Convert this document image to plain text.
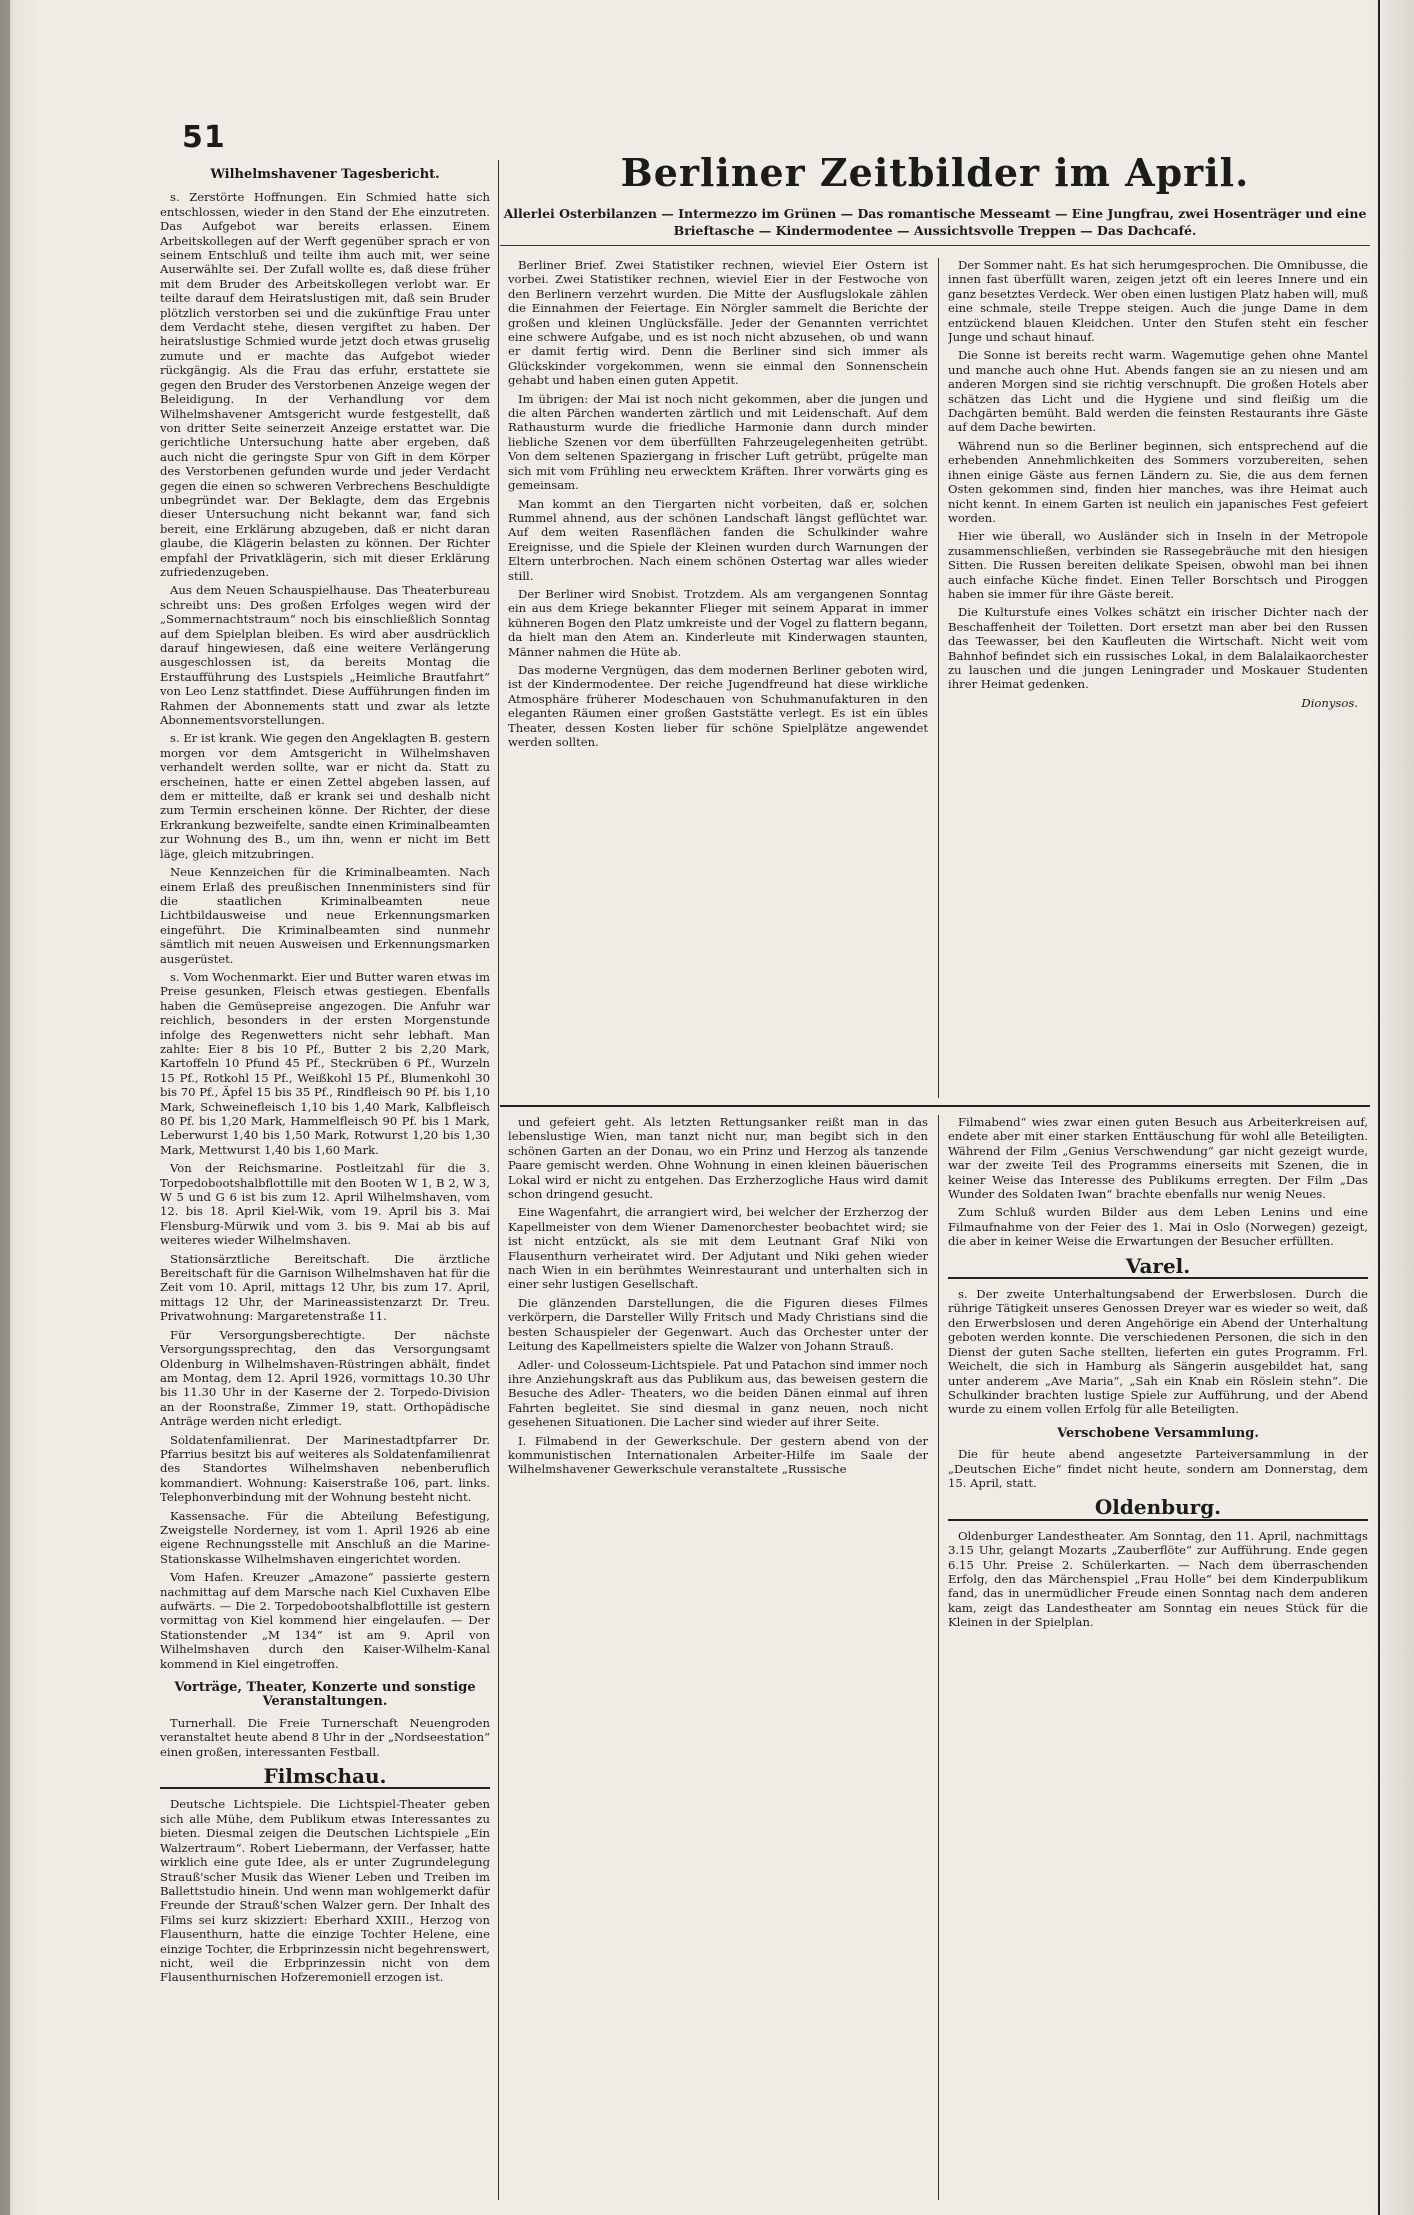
51
Wilhelmshavener Tagesbericht.

s. Zerstörte Hoffnungen. Ein Schmied hatte sich entschlossen, wieder in den Stand der Ehe einzutreten. Das Aufgebot war bereits erlassen. Einem Arbeitskollegen auf der Werft gegenüber sprach er von seinem Entschluß und teilte ihm auch mit, wer seine Auserwählte sei. Der Zufall wollte es, daß diese früher mit dem Bruder des Arbeitskollegen verlobt war. Er teilte darauf dem Heiratslustigen mit, daß sein Bruder plötzlich verstorben sei und die zukünftige Frau unter dem Verdacht stehe, diesen vergiftet zu haben. Der heiratslustige Schmied wurde jetzt doch etwas gruselig zumute und er machte das Aufgebot wieder rückgängig. Als die Frau das erfuhr, erstattete sie gegen den Bruder des Verstorbenen Anzeige wegen der Beleidigung. In der Verhandlung vor dem Wilhelmshavener Amtsgericht wurde festgestellt, daß von dritter Seite seinerzeit Anzeige erstattet war. Die gerichtliche Untersuchung hatte aber ergeben, daß auch nicht die geringste Spur von Gift in dem Körper des Verstorbenen gefunden wurde und jeder Verdacht gegen die einen so schweren Verbrechens Beschuldigte unbegründet war. Der Beklagte, dem das Ergebnis dieser Untersuchung nicht bekannt war, fand sich bereit, eine Erklärung abzugeben, daß er nicht daran glaube, die Klägerin belasten zu können. Der Richter empfahl der Privatklägerin, sich mit dieser Erklärung zufriedenzugeben.

Aus dem Neuen Schauspielhause. Das Theaterbureau schreibt uns: Des großen Erfolges wegen wird der „Sommernachtstraum“ noch bis einschließlich Sonntag auf dem Spielplan bleiben. Es wird aber ausdrücklich darauf hingewiesen, daß eine weitere Verlängerung ausgeschlossen ist, da bereits Montag die Erstaufführung des Lustspiels „Heimliche Brautfahrt“ von Leo Lenz stattfindet. Diese Aufführungen finden im Rahmen der Abonnements statt und zwar als letzte Abonnementsvorstellungen.

s. Er ist krank. Wie gegen den Angeklagten B. gestern morgen vor dem Amtsgericht in Wilhelmshaven verhandelt werden sollte, war er nicht da. Statt zu erscheinen, hatte er einen Zettel abgeben lassen, auf dem er mitteilte, daß er krank sei und deshalb nicht zum Termin erscheinen könne. Der Richter, der diese Erkrankung bezweifelte, sandte einen Kriminalbeamten zur Wohnung des B., um ihn, wenn er nicht im Bett läge, gleich mitzubringen.

Neue Kennzeichen für die Kriminalbeamten. Nach einem Erlaß des preußischen Innenministers sind für die staatlichen Kriminalbeamten neue Lichtbildausweise und neue Erkennungsmarken eingeführt. Die Kriminalbeamten sind nunmehr sämtlich mit neuen Ausweisen und Erkennungsmarken ausgerüstet.

s. Vom Wochenmarkt. Eier und Butter waren etwas im Preise gesunken, Fleisch etwas gestiegen. Ebenfalls haben die Gemüsepreise angezogen. Die Anfuhr war reichlich, besonders in der ersten Morgenstunde infolge des Regenwetters nicht sehr lebhaft. Man zahlte: Eier 8 bis 10 Pf., Butter 2 bis 2,20 Mark, Kartoffeln 10 Pfund 45 Pf., Steckrüben 6 Pf., Wurzeln 15 Pf., Rotkohl 15 Pf., Weißkohl 15 Pf., Blumenkohl 30 bis 70 Pf., Äpfel 15 bis 35 Pf., Rindfleisch 90 Pf. bis 1,10 Mark, Schweinefleisch 1,10 bis 1,40 Mark, Kalbfleisch 80 Pf. bis 1,20 Mark, Hammelfleisch 90 Pf. bis 1 Mark, Leberwurst 1,40 bis 1,50 Mark, Rotwurst 1,20 bis 1,30 Mark, Mettwurst 1,40 bis 1,60 Mark.

Von der Reichsmarine. Postleitzahl für die 3. Torpedobootshalbflottille mit den Booten W 1, B 2, W 3, W 5 und G 6 ist bis zum 12. April Wilhelmshaven, vom 12. bis 18. April Kiel-Wik, vom 19. April bis 3. Mai Flensburg-Mürwik und vom 3. bis 9. Mai ab bis auf weiteres wieder Wilhelmshaven.

Stationsärztliche Bereitschaft. Die ärztliche Bereitschaft für die Garnison Wilhelmshaven hat für die Zeit vom 10. April, mittags 12 Uhr, bis zum 17. April, mittags 12 Uhr, der Marineassistenzarzt Dr. Treu. Privatwohnung: Margaretenstraße 11.

Für Versorgungsberechtigte. Der nächste Versorgungssprechtag, den das Versorgungsamt Oldenburg in Wilhelmshaven-Rüstringen abhält, findet am Montag, dem 12. April 1926, vormittags 10.30 Uhr bis 11.30 Uhr in der Kaserne der 2. Torpedo-Division an der Roonstraße, Zimmer 19, statt. Orthopädische Anträge werden nicht erledigt.

Soldatenfamilienrat. Der Marinestadtpfarrer Dr. Pfarrius besitzt bis auf weiteres als Soldatenfamilienrat des Standortes Wilhelmshaven nebenberuflich kommandiert. Wohnung: Kaiserstraße 106, part. links. Telephonverbindung mit der Wohnung besteht nicht.

Kassensache. Für die Abteilung Befestigung, Zweigstelle Norderney, ist vom 1. April 1926 ab eine eigene Rechnungsstelle mit Anschluß an die Marine-Stationskasse Wilhelmshaven eingerichtet worden.

Vom Hafen. Kreuzer „Amazone“ passierte gestern nachmittag auf dem Marsche nach Kiel Cuxhaven Elbe aufwärts. — Die 2. Torpedobootshalbflottille ist gestern vormittag von Kiel kommend hier eingelaufen. — Der Stationstender „M 134“ ist am 9. April von Wilhelmshaven durch den Kaiser-Wilhelm-Kanal kommend in Kiel eingetroffen.

Vorträge, Theater, Konzerte und sonstige Veranstaltungen.

Turnerhall. Die Freie Turnerschaft Neuengroden veranstaltet heute abend 8 Uhr in der „Nordseestation“ einen großen, interessanten Festball.

Filmschau.

Deutsche Lichtspiele. Die Lichtspiel-Theater geben sich alle Mühe, dem Publikum etwas Interessantes zu bieten. Diesmal zeigen die Deutschen Lichtspiele „Ein Walzertraum“. Robert Liebermann, der Verfasser, hatte wirklich eine gute Idee, als er unter Zugrundelegung Strauß'scher Musik das Wiener Leben und Treiben im Ballettstudio hinein. Und wenn man wohlgemerkt dafür Freunde der Strauß'schen Walzer gern. Der Inhalt des Films sei kurz skizziert: Eberhard XXIII., Herzog von Flausenthurn, hatte die einzige Tochter Helene, eine einzige Tochter, die Erbprinzessin nicht begehrenswert, nicht, weil die Erbprinzessin nicht von dem Flausenthurnischen Hofzeremoniell erzogen ist.

Berliner Zeitbilder im April.
Allerlei Osterbilanzen — Intermezzo im Grünen — Das romantische Messeamt — Eine Jungfrau, zwei Hosenträger und eine Brieftasche — Kindermodentee — Aussichtsvolle Treppen — Das Dachcafé.

Berliner Brief. Zwei Statistiker rechnen, wieviel Eier Ostern ist vorbei. Zwei Statistiker rechnen, wieviel Eier in der Festwoche von den Berlinern verzehrt wurden. Die Mitte der Ausflugslokale zählen die Einnahmen der Feiertage. Ein Nörgler sammelt die Berichte der großen und kleinen Unglücksfälle. Jeder der Genannten verrichtet eine schwere Aufgabe, und es ist noch nicht abzusehen, ob und wann er damit fertig wird. Denn die Berliner sind sich immer als Glückskinder vorgekommen, wenn sie einmal den Sonnenschein gehabt und haben einen guten Appetit.

Im übrigen: der Mai ist noch nicht gekommen, aber die jungen und die alten Pärchen wanderten zärtlich und mit Leidenschaft. Auf dem Rathausturm wurde die friedliche Harmonie dann durch minder liebliche Szenen vor dem überfüllten Fahrzeugelegenheiten getrübt. Von dem seltenen Spaziergang in frischer Luft getrübt, prügelte man sich mit vom Frühling neu erwecktem Kräften. Ihrer vorwärts ging es gemeinsam.

Man kommt an den Tiergarten nicht vorbeiten, daß er, solchen Rummel ahnend, aus der schönen Landschaft längst geflüchtet war. Auf dem weiten Rasenflächen fanden die Schulkinder wahre Ereignisse, und die Spiele der Kleinen wurden durch Warnungen der Eltern unterbrochen. Nach einem schönen Ostertag war alles wieder still.

Der Berliner wird Snobist. Trotzdem. Als am vergangenen Sonntag ein aus dem Kriege bekannter Flieger mit seinem Apparat in immer kühneren Bogen den Platz umkreiste und der Vogel zu flattern begann, da hielt man den Atem an. Kinderleute mit Kinderwagen staunten, Männer nahmen die Hüte ab.

Das moderne Vergnügen, das dem modernen Berliner geboten wird, ist der Kindermodentee. Der reiche Jugendfreund hat diese wirkliche Atmosphäre früherer Modeschauen von Schuhmanufakturen in den eleganten Räumen einer großen Gaststätte verlegt. Es ist ein übles Theater, dessen Kosten lieber für schöne Spielplätze angewendet werden sollten.

Der Sommer naht. Es hat sich herumgesprochen. Die Omnibusse, die innen fast überfüllt waren, zeigen jetzt oft ein leeres Innere und ein ganz besetztes Verdeck. Wer oben einen lustigen Platz haben will, muß eine schmale, steile Treppe steigen. Auch die junge Dame in dem entzückend blauen Kleidchen. Unter den Stufen steht ein fescher Junge und schaut hinauf.

Die Sonne ist bereits recht warm. Wagemutige gehen ohne Mantel und manche auch ohne Hut. Abends fangen sie an zu niesen und am anderen Morgen sind sie richtig verschnupft. Die großen Hotels aber schätzen das Licht und die Hygiene und sind fleißig um die Dachgärten bemüht. Bald werden die feinsten Restaurants ihre Gäste auf dem Dache bewirten.

Während nun so die Berliner beginnen, sich entsprechend auf die erhebenden Annehmlichkeiten des Sommers vorzubereiten, sehen ihnen einige Gäste aus fernen Ländern zu. Sie, die aus dem fernen Osten gekommen sind, finden hier manches, was ihre Heimat auch nicht kennt. In einem Garten ist neulich ein japanisches Fest gefeiert worden.

Hier wie überall, wo Ausländer sich in Inseln in der Metropole zusammenschließen, verbinden sie Rassegebräuche mit den hiesigen Sitten. Die Russen bereiten delikate Speisen, obwohl man bei ihnen auch einfache Küche findet. Einen Teller Borschtsch und Piroggen haben sie immer für ihre Gäste bereit.

Die Kulturstufe eines Volkes schätzt ein irischer Dichter nach der Beschaffenheit der Toiletten. Dort ersetzt man aber bei den Russen das Teewasser, bei den Kaufleuten die Wirtschaft. Nicht weit vom Bahnhof befindet sich ein russisches Lokal, in dem Balalaikaorchester zu lauschen und die jungen Leningrader und Moskauer Studenten ihrer Heimat gedenken.

Dionysos.

und gefeiert geht. Als letzten Rettungsanker reißt man in das lebenslustige Wien, man tanzt nicht nur, man begibt sich in den schönen Garten an der Donau, wo ein Prinz und Herzog als tanzende Paare gemischt werden. Ohne Wohnung in einen kleinen bäuerischen Lokal wird er nicht zu entgehen. Das Erzherzogliche Haus wird damit schon dringend gesucht.

Eine Wagenfahrt, die arrangiert wird, bei welcher der Erzherzog der Kapellmeister von dem Wiener Damenorchester beobachtet wird; sie ist nicht entzückt, als sie mit dem Leutnant Graf Niki von Flausenthurn verheiratet wird. Der Adjutant und Niki gehen wieder nach Wien in ein berühmtes Weinrestaurant und unterhalten sich in einer sehr lustigen Gesellschaft.

Die glänzenden Darstellungen, die die Figuren dieses Filmes verkörpern, die Darsteller Willy Fritsch und Mady Christians sind die besten Schauspieler der Gegenwart. Auch das Orchester unter der Leitung des Kapellmeisters spielte die Walzer von Johann Strauß.

Adler- und Colosseum-Lichtspiele. Pat und Patachon sind immer noch ihre Anziehungskraft aus das Publikum aus, das beweisen gestern die Besuche des Adler- Theaters, wo die beiden Dänen einmal auf ihren Fahrten begleitet. Sie sind diesmal in ganz neuen, noch nicht gesehenen Situationen. Die Lacher sind wieder auf ihrer Seite.

I. Filmabend in der Gewerkschule. Der gestern abend von der kommunistischen Internationalen Arbeiter-Hilfe im Saale der Wilhelmshavener Gewerkschule veranstaltete „Russische

Filmabend“ wies zwar einen guten Besuch aus Arbeiterkreisen auf, endete aber mit einer starken Enttäuschung für wohl alle Beteiligten. Während der Film „Genius Verschwendung“ gar nicht gezeigt wurde, war der zweite Teil des Programms einerseits mit Szenen, die in keiner Weise das Interesse des Publikums erregten. Der Film „Das Wunder des Soldaten Iwan“ brachte ebenfalls nur wenig Neues.

Zum Schluß wurden Bilder aus dem Leben Lenins und eine Filmaufnahme von der Feier des 1. Mai in Oslo (Norwegen) gezeigt, die aber in keiner Weise die Erwartungen der Besucher erfüllten.

Varel.

s. Der zweite Unterhaltungsabend der Erwerbslosen. Durch die rührige Tätigkeit unseres Genossen Dreyer war es wieder so weit, daß den Erwerbslosen und deren Angehörige ein Abend der Unterhaltung geboten werden konnte. Die verschiedenen Personen, die sich in den Dienst der guten Sache stellten, lieferten ein gutes Programm. Frl. Weichelt, die sich in Hamburg als Sängerin ausgebildet hat, sang unter anderem „Ave Maria“, „Sah ein Knab ein Röslein stehn“. Die Schulkinder brachten lustige Spiele zur Aufführung, und der Abend wurde zu einem vollen Erfolg für alle Beteiligten.

Verschobene Versammlung.

Die für heute abend angesetzte Parteiversammlung in der „Deutschen Eiche“ findet nicht heute, sondern am Donnerstag, dem 15. April, statt.

Oldenburg.

Oldenburger Landestheater. Am Sonntag, den 11. April, nachmittags 3.15 Uhr, gelangt Mozarts „Zauberflöte“ zur Aufführung. Ende gegen 6.15 Uhr. Preise 2. Schülerkarten. — Nach dem überraschenden Erfolg, den das Märchenspiel „Frau Holle“ bei dem Kinderpublikum fand, das in unermüdlicher Freude einen Sonntag nach dem anderen kam, zeigt das Landestheater am Sonntag ein neues Stück für die Kleinen in der Spielplan.
